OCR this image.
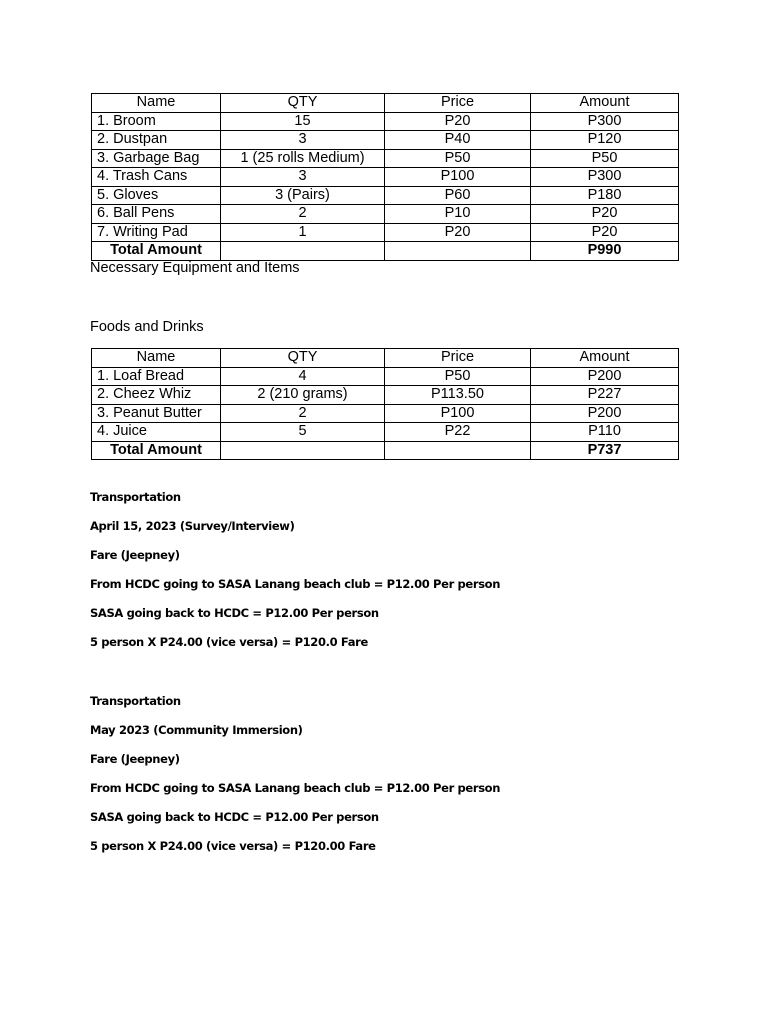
Name	QTY	Price	Amount
1. Broom	15	P20	P300
2. Dustpan	3	P40	P120
3. Garbage Bag	1 (25 rolls Medium)	P50	P50
4. Trash Cans	3	P100	P300
5. Gloves	3 (Pairs)	P60	P180
6. Ball Pens	2	P10	P20
7. Writing Pad	1	P20	P20
Total Amount			P990
Necessary Equipment and Items
Foods and Drinks
Name	QTY	Price	Amount
1. Loaf Bread	4	P50	P200
2. Cheez Whiz	2 (210 grams)	P113.50	P227
3. Peanut Butter	2	P100	P200
4. Juice	5	P22	P110
Total Amount			P737
Transportation
April 15, 2023 (Survey/Interview)
Fare (Jeepney)
From HCDC going to SASA Lanang beach club = P12.00 Per person
SASA going back to HCDC = P12.00 Per person
5 person X P24.00 (vice versa) = P120.0 Fare
Transportation
May 2023 (Community Immersion)
Fare (Jeepney)
From HCDC going to SASA Lanang beach club = P12.00 Per person
SASA going back to HCDC = P12.00 Per person
5 person X P24.00 (vice versa) = P120.00 Fare
